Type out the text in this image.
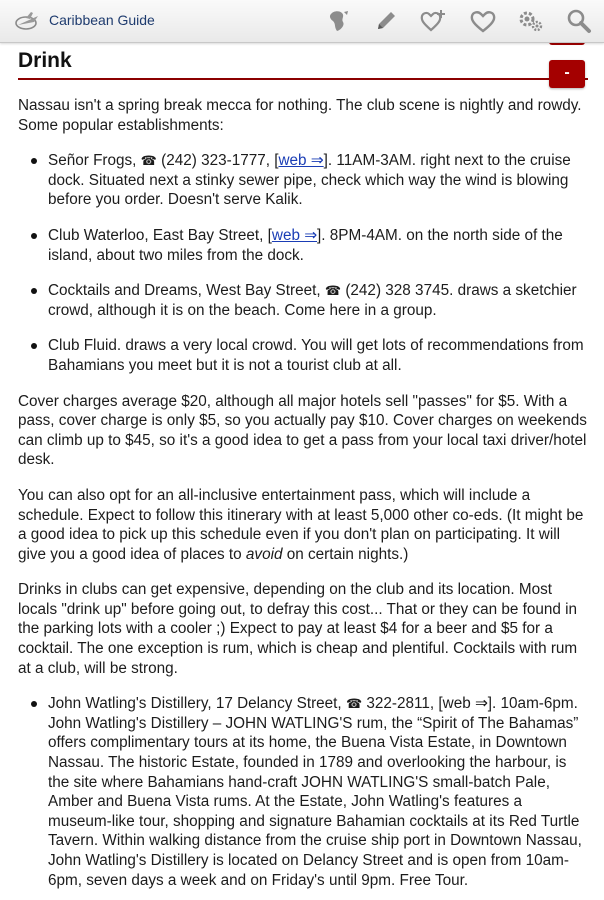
Caribbean Guide
Drink
-

Nassau isn't a spring break mecca for nothing. The club scene is nightly and rowdy. Some popular establishments:

Señor Frogs, ☎ (242) 323-1777, [web ⇒]. 11AM-3AM. right next to the cruise dock. Situated next a stinky sewer pipe, check which way the wind is blowing before you order. Doesn't serve Kalik.
Club Waterloo, East Bay Street, [web ⇒]. 8PM-4AM. on the north side of the island, about two miles from the dock.
Cocktails and Dreams, West Bay Street, ☎ (242) 328 3745. draws a sketchier crowd, although it is on the beach. Come here in a group.
Club Fluid. draws a very local crowd. You will get lots of recommendations from Bahamians you meet but it is not a tourist club at all.

Cover charges average $20, although all major hotels sell "passes" for $5. With a pass, cover charge is only $5, so you actually pay $10. Cover charges on weekends can climb up to $45, so it's a good idea to get a pass from your local taxi driver/hotel desk.

You can also opt for an all-inclusive entertainment pass, which will include a schedule. Expect to follow this itinerary with at least 5,000 other co-eds. (It might be a good idea to pick up this schedule even if you don't plan on participating. It will give you a good idea of places to avoid on certain nights.)

Drinks in clubs can get expensive, depending on the club and its location. Most locals "drink up" before going out, to defray this cost... That or they can be found in the parking lots with a cooler ;) Expect to pay at least $4 for a beer and $5 for a cocktail. The one exception is rum, which is cheap and plentiful. Cocktails with rum at a club, will be strong.

John Watling's Distillery, 17 Delancy Street, ☎ 322-2811, [web ⇒]. 10am-6pm. John Watling's Distillery – JOHN WATLING'S rum, the “Spirit of The Bahamas” offers complimentary tours at its home, the Buena Vista Estate, in Downtown Nassau. The historic Estate, founded in 1789 and overlooking the harbour, is the site where Bahamians hand-craft JOHN WATLING'S small-batch Pale, Amber and Buena Vista rums. At the Estate, John Watling's features a museum-like tour, shopping and signature Bahamian cocktails at its Red Turtle Tavern. Within walking distance from the cruise ship port in Downtown Nassau, John Watling's Distillery is located on Delancy Street and is open from 10am-6pm, seven days a week and on Friday's until 9pm. Free Tour.
